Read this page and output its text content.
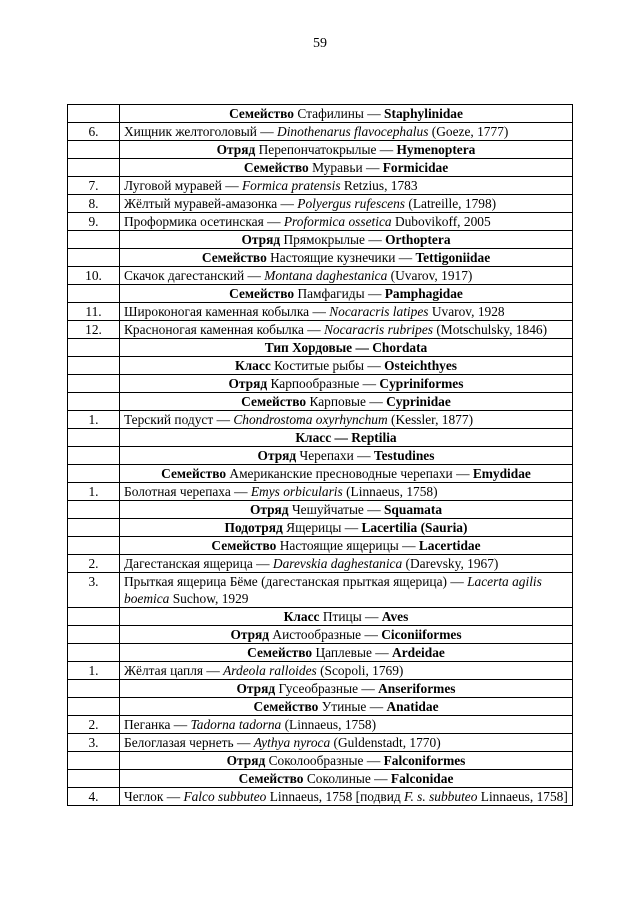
59
	Семейство Стафилины — Staphylinidae
6.	Хищник желтоголовый — Dinothenarus flavocephalus (Goeze, 1777)
	Отряд Перепончатокрылые — Hymenoptera
	Семейство Муравьи — Formicidae
7.	Луговой муравей — Formica pratensis Retzius, 1783
8.	Жёлтый муравей-амазонка — Polyergus rufescens (Latreille, 1798)
9.	Проформика осетинская — Proformica ossetica Dubovikoff, 2005
	Отряд Прямокрылые — Orthoptera
	Семейство Настоящие кузнечики — Tettigoniidae
10.	Скачок дагестанский — Montana daghestanica (Uvarov, 1917)
	Семейство Памфагиды — Pamphagidae
11.	Широконогая каменная кобылка — Nocaracris latipes Uvarov, 1928
12.	Красноногая каменная кобылка — Nocaracris rubripes (Motschulsky, 1846)
	Тип Хордовые — Chordata
	Класс Коститые рыбы — Osteichthyes
	Отряд Карпообразные — Cypriniformes
	Семейство Карповые — Cyprinidae
1.	Терский подуст — Chondrostoma oxyrhynchum (Kessler, 1877)
	Класс — Reptilia
	Отряд Черепахи — Testudines
	Семейство Американские пресноводные черепахи — Emydidae
1.	Болотная черепаха — Emys orbicularis (Linnaeus, 1758)
	Отряд Чешуйчатые — Squamata
	Подотряд Ящерицы — Lacertilia (Sauria)
	Семейство Настоящие ящерицы — Lacertidae
2.	Дагестанская ящерица — Darevskia daghestanica (Darevsky, 1967)
3.	Прыткая ящерица Бёме (дагестанская прыткая ящерица) — Lacerta agilis boemica Suchow, 1929
	Класс Птицы — Aves
	Отряд Аистообразные — Ciconiiformes
	Семейство Цаплевые — Ardeidae
1.	Жёлтая цапля — Ardeola ralloides (Scopoli, 1769)
	Отряд Гусеобразные — Anseriformes
	Семейство Утиные — Anatidae
2.	Пеганка — Tadorna tadorna (Linnaeus, 1758)
3.	Белоглазая чернеть — Aythya nyroca (Guldenstadt, 1770)
	Отряд Соколообразные — Falconiformes
	Семейство Соколиные — Falconidae
4.	Чеглок — Falco subbuteo Linnaeus, 1758 [подвид F. s. subbuteo Linnaeus, 1758]
